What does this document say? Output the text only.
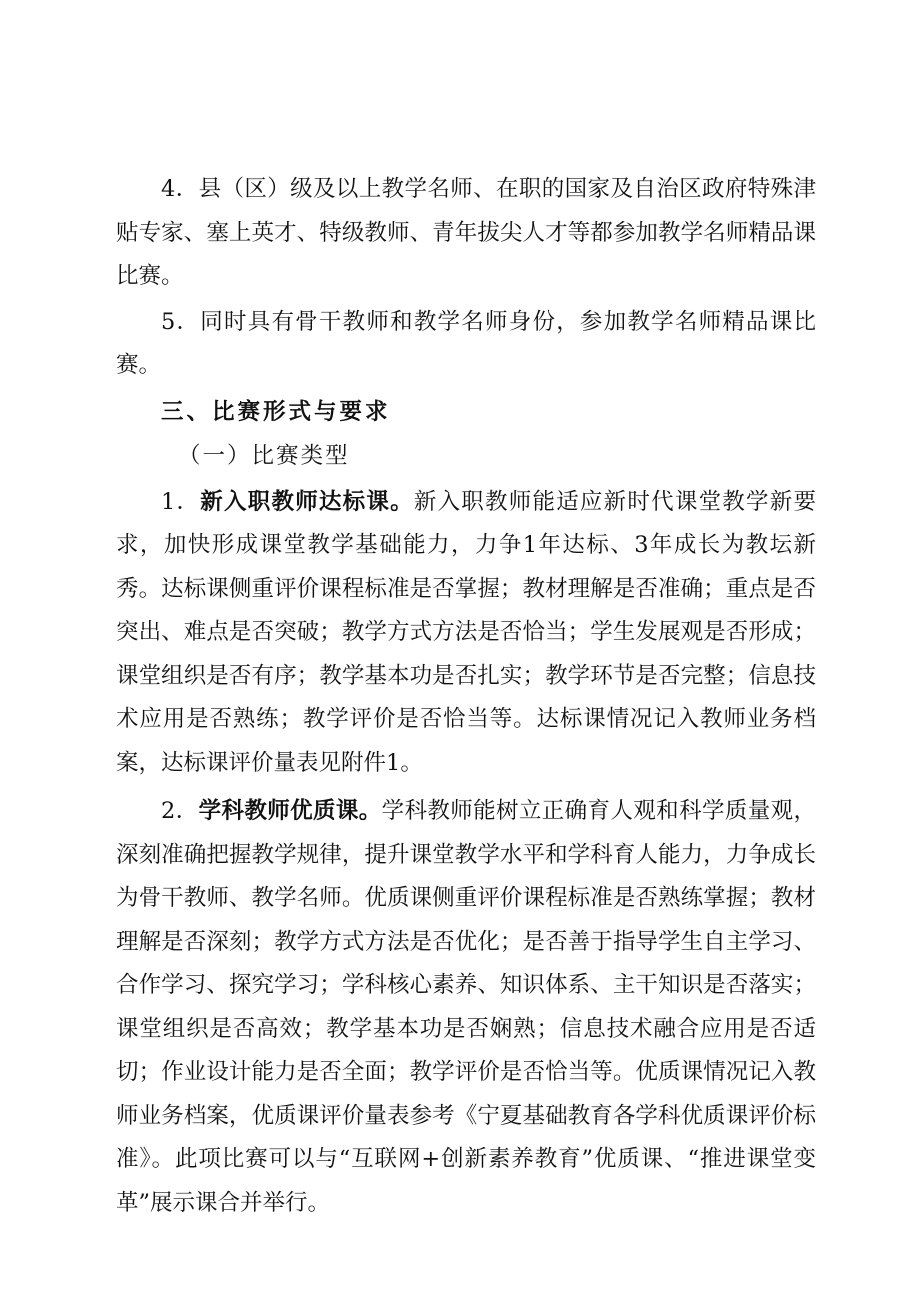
4．县（区）级及以上教学名师、在职的国家及自治区政府特殊津贴专家、塞上英才、特级教师、青年拔尖人才等都参加教学名师精品课比赛。

5．同时具有骨干教师和教学名师身份，参加教学名师精品课比赛。

三、比赛形式与要求

（一）比赛类型

1．新入职教师达标课。新入职教师能适应新时代课堂教学新要求，加快形成课堂教学基础能力，力争1年达标、3年成长为教坛新秀。达标课侧重评价课程标准是否掌握；教材理解是否准确；重点是否突出、难点是否突破；教学方式方法是否恰当；学生发展观是否形成；课堂组织是否有序；教学基本功是否扎实；教学环节是否完整；信息技术应用是否熟练；教学评价是否恰当等。达标课情况记入教师业务档案，达标课评价量表见附件1。

2．学科教师优质课。学科教师能树立正确育人观和科学质量观，深刻准确把握教学规律，提升课堂教学水平和学科育人能力，力争成长为骨干教师、教学名师。优质课侧重评价课程标准是否熟练掌握；教材理解是否深刻；教学方式方法是否优化；是否善于指导学生自主学习、合作学习、探究学习；学科核心素养、知识体系、主干知识是否落实；课堂组织是否高效；教学基本功是否娴熟；信息技术融合应用是否适切；作业设计能力是否全面；教学评价是否恰当等。优质课情况记入教师业务档案，优质课评价量表参考《宁夏基础教育各学科优质课评价标准》。此项比赛可以与“互联网+创新素养教育”优质课、“推进课堂变革”展示课合并举行。
